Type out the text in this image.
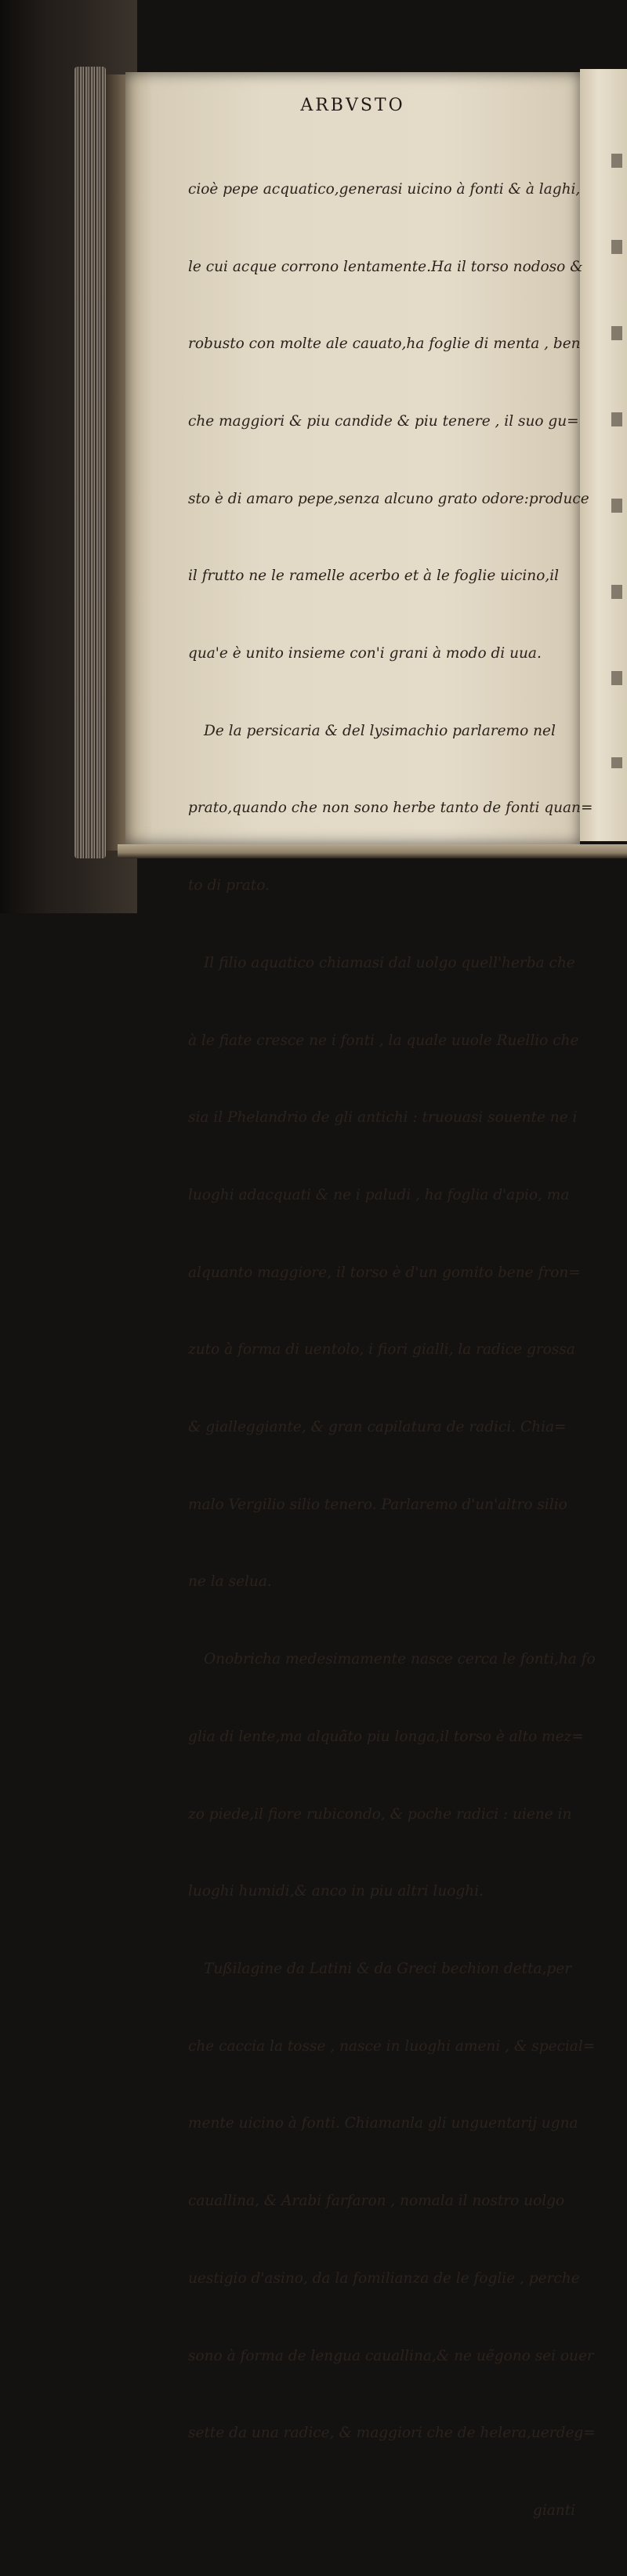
ARBVSTO

cioè pepe acquatico,generasi uicino à fonti & à laghi,

le cui acque corrono lentamente.Ha il torso nodoso &

robusto con molte ale cauato,ha foglie di menta , ben

che maggiori & piu candide & piu tenere , il suo gu=

sto è di amaro pepe,senza alcuno grato odore:produce

il frutto ne le ramelle acerbo et à le foglie uicino,il

qua'e è unito insieme con'i grani à modo di uua.

De la persicaria & del lysimachio parlaremo nel

prato,quando che non sono herbe tanto de fonti quan=

to di prato.

Il filio aquatico chiamasi dal uolgo quell'herba che

à le fiate cresce ne i fonti , la quale uuole Ruellio che

sia il Phelandrio de gli antichi : truouasi souente ne i

luoghi adacquati & ne i paludi , ha foglia d'apio, ma

alquanto maggiore, il torso è d'un gomito bene fron=

zuto à forma di uentolo, i fiori gialli, la radice grossa

& gialleggiante, & gran capilatura de radici. Chia=

malo Vergilio silio tenero. Parlaremo d'un'altro silio

ne la selua.

Onobricha medesimamente nasce cerca le fonti,ha fo

glia di lente,ma alquãto piu longa,il torso è alto mez=

zo piede,il fiore rubicondo, & poche radici : uiene in

luoghi humidi,& anco in piu altri luoghi.

Tußilagine da Latini & da Greci bechion detta,per

che caccia la tosse , nasce in luoghi ameni , & special=

mente uicino à fonti. Chiamanla gli unguentarij ugna

cauallina, & Arabi farfaron , nomala il nostro uolgo

uestigio d'asino, da la fomilianza de le foglie , perche

sono à forma de lengua cauallina,& ne uẽgono sei ouer

sette da una radice, & maggiori che de helera,uerdeg=

gianti
